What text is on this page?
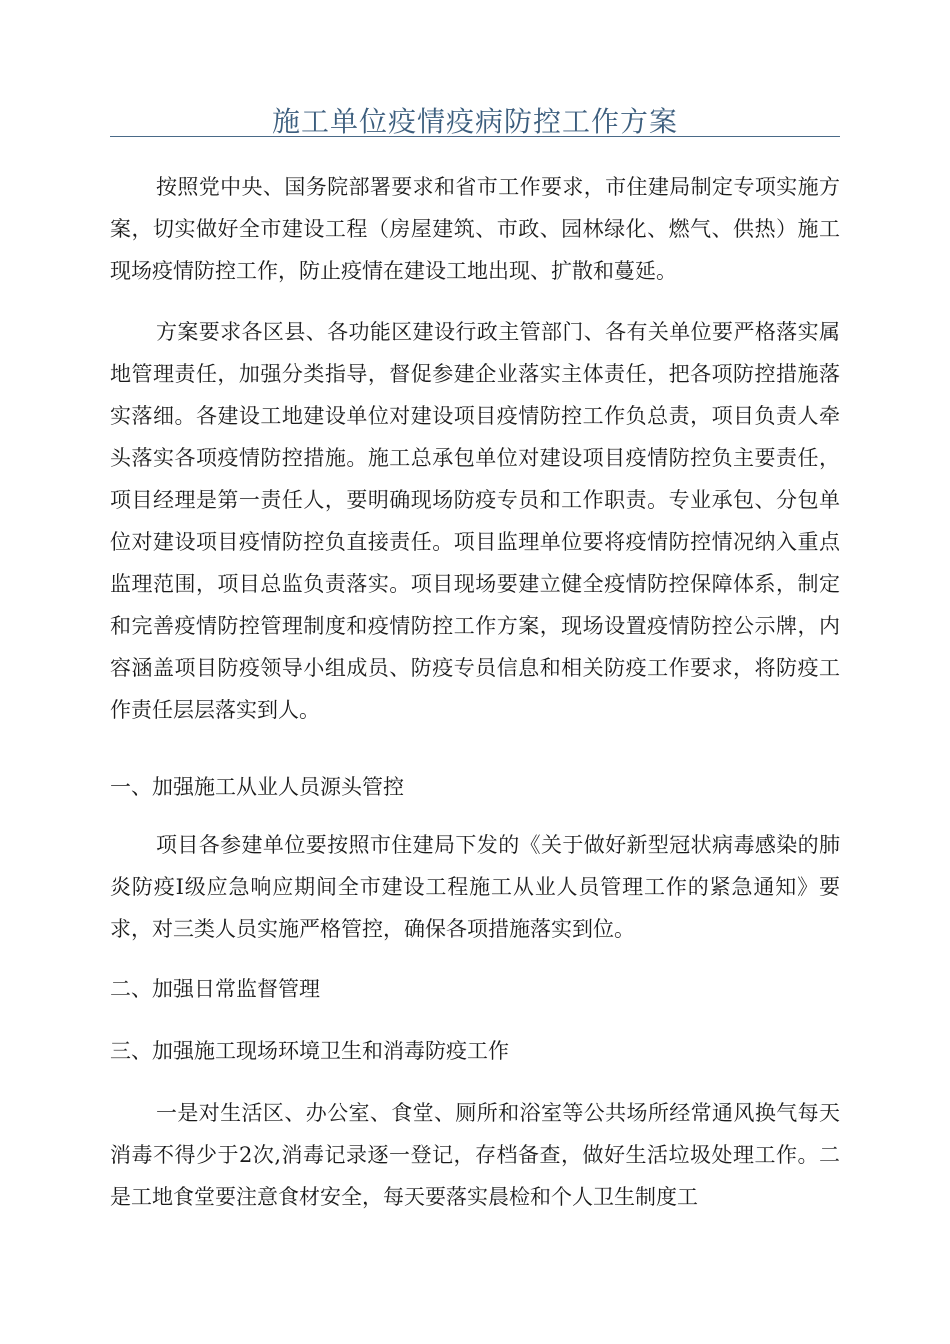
施工单位疫情疫病防控工作方案

按照党中央、国务院部署要求和省市工作要求，市住建局制定专项实施方案，切实做好全市建设工程（房屋建筑、市政、园林绿化、燃气、供热）施工现场疫情防控工作，防止疫情在建设工地出现、扩散和蔓延。

方案要求各区县、各功能区建设行政主管部门、各有关单位要严格落实属地管理责任，加强分类指导，督促参建企业落实主体责任，把各项防控措施落实落细。各建设工地建设单位对建设项目疫情防控工作负总责，项目负责人牵头落实各项疫情防控措施。施工总承包单位对建设项目疫情防控负主要责任，项目经理是第一责任人，要明确现场防疫专员和工作职责。专业承包、分包单位对建设项目疫情防控负直接责任。项目监理单位要将疫情防控情况纳入重点监理范围，项目总监负责落实。项目现场要建立健全疫情防控保障体系，制定和完善疫情防控管理制度和疫情防控工作方案，现场设置疫情防控公示牌，内容涵盖项目防疫领导小组成员、防疫专员信息和相关防疫工作要求，将防疫工作责任层层落实到人。

一、加强施工从业人员源头管控

项目各参建单位要按照市住建局下发的《关于做好新型冠状病毒感染的肺炎防疫Ⅰ级应急响应期间全市建设工程施工从业人员管理工作的紧急通知》要求，对三类人员实施严格管控，确保各项措施落实到位。

二、加强日常监督管理

三、加强施工现场环境卫生和消毒防疫工作

一是对生活区、办公室、食堂、厕所和浴室等公共场所经常通风换气每天消毒不得少于2次,消毒记录逐一登记，存档备查，做好生活垃圾处理工作。二是工地食堂要注意食材安全，每天要落实晨检和个人卫生制度工
